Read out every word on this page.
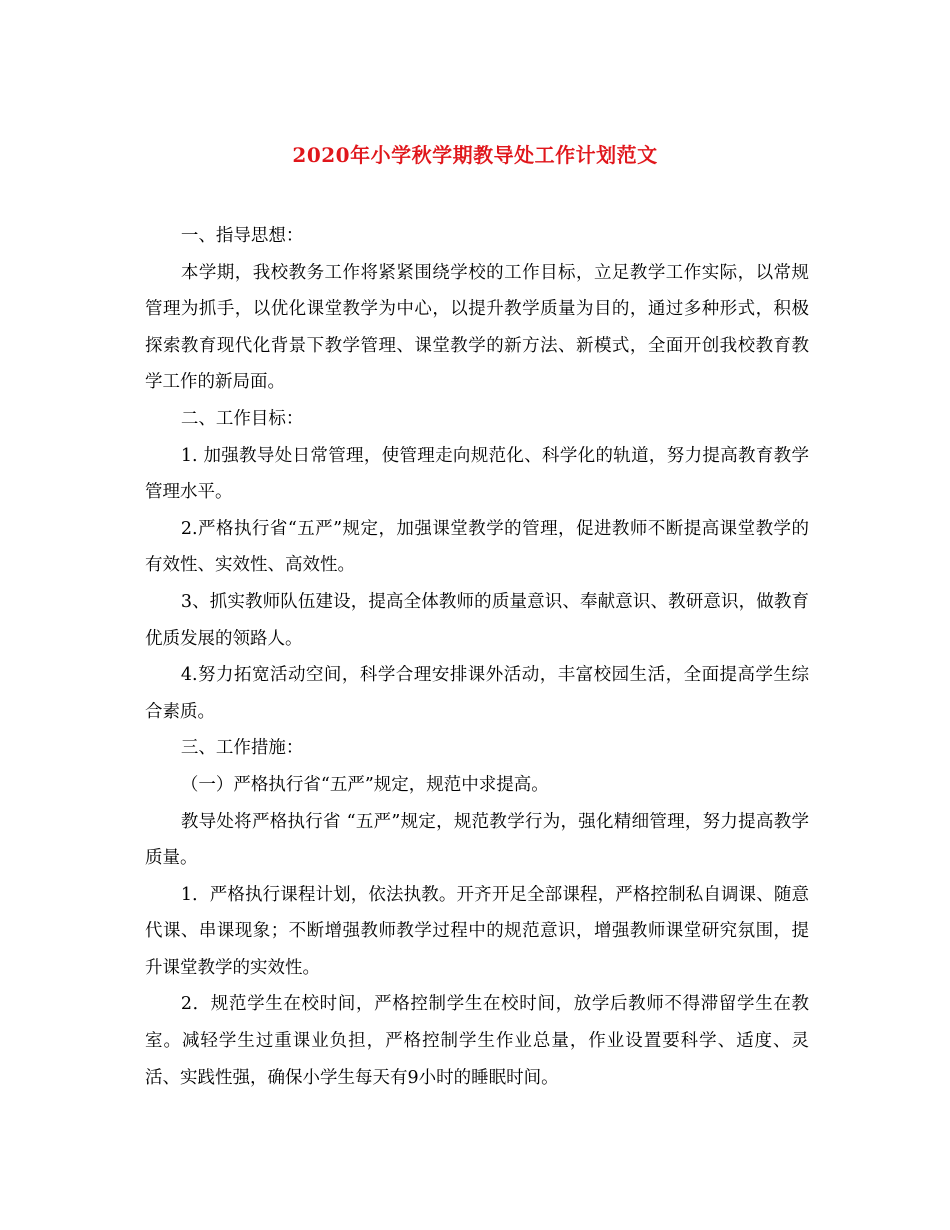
2020年小学秋学期教导处工作计划范文

一、指导思想：

本学期，我校教务工作将紧紧围绕学校的工作目标，立足教学工作实际，以常规管理为抓手，以优化课堂教学为中心，以提升教学质量为目的，通过多种形式，积极探索教育现代化背景下教学管理、课堂教学的新方法、新模式，全面开创我校教育教学工作的新局面。

二、工作目标：

1. 加强教导处日常管理，使管理走向规范化、科学化的轨道，努力提高教育教学管理水平。

2.严格执行省“五严”规定，加强课堂教学的管理，促进教师不断提高课堂教学的有效性、实效性、高效性。

3、抓实教师队伍建设，提高全体教师的质量意识、奉献意识、教研意识，做教育优质发展的领路人。

4.努力拓宽活动空间，科学合理安排课外活动，丰富校园生活，全面提高学生综合素质。

三、工作措施：

（一）严格执行省“五严”规定，规范中求提高。

教导处将严格执行省 “五严”规定，规范教学行为，强化精细管理，努力提高教学质量。

1．严格执行课程计划，依法执教。开齐开足全部课程，严格控制私自调课、随意代课、串课现象；不断增强教师教学过程中的规范意识，增强教师课堂研究氛围，提升课堂教学的实效性。

2．规范学生在校时间，严格控制学生在校时间，放学后教师不得滞留学生在教室。减轻学生过重课业负担，严格控制学生作业总量，作业设置要科学、适度、灵活、实践性强，确保小学生每天有9小时的睡眠时间。
